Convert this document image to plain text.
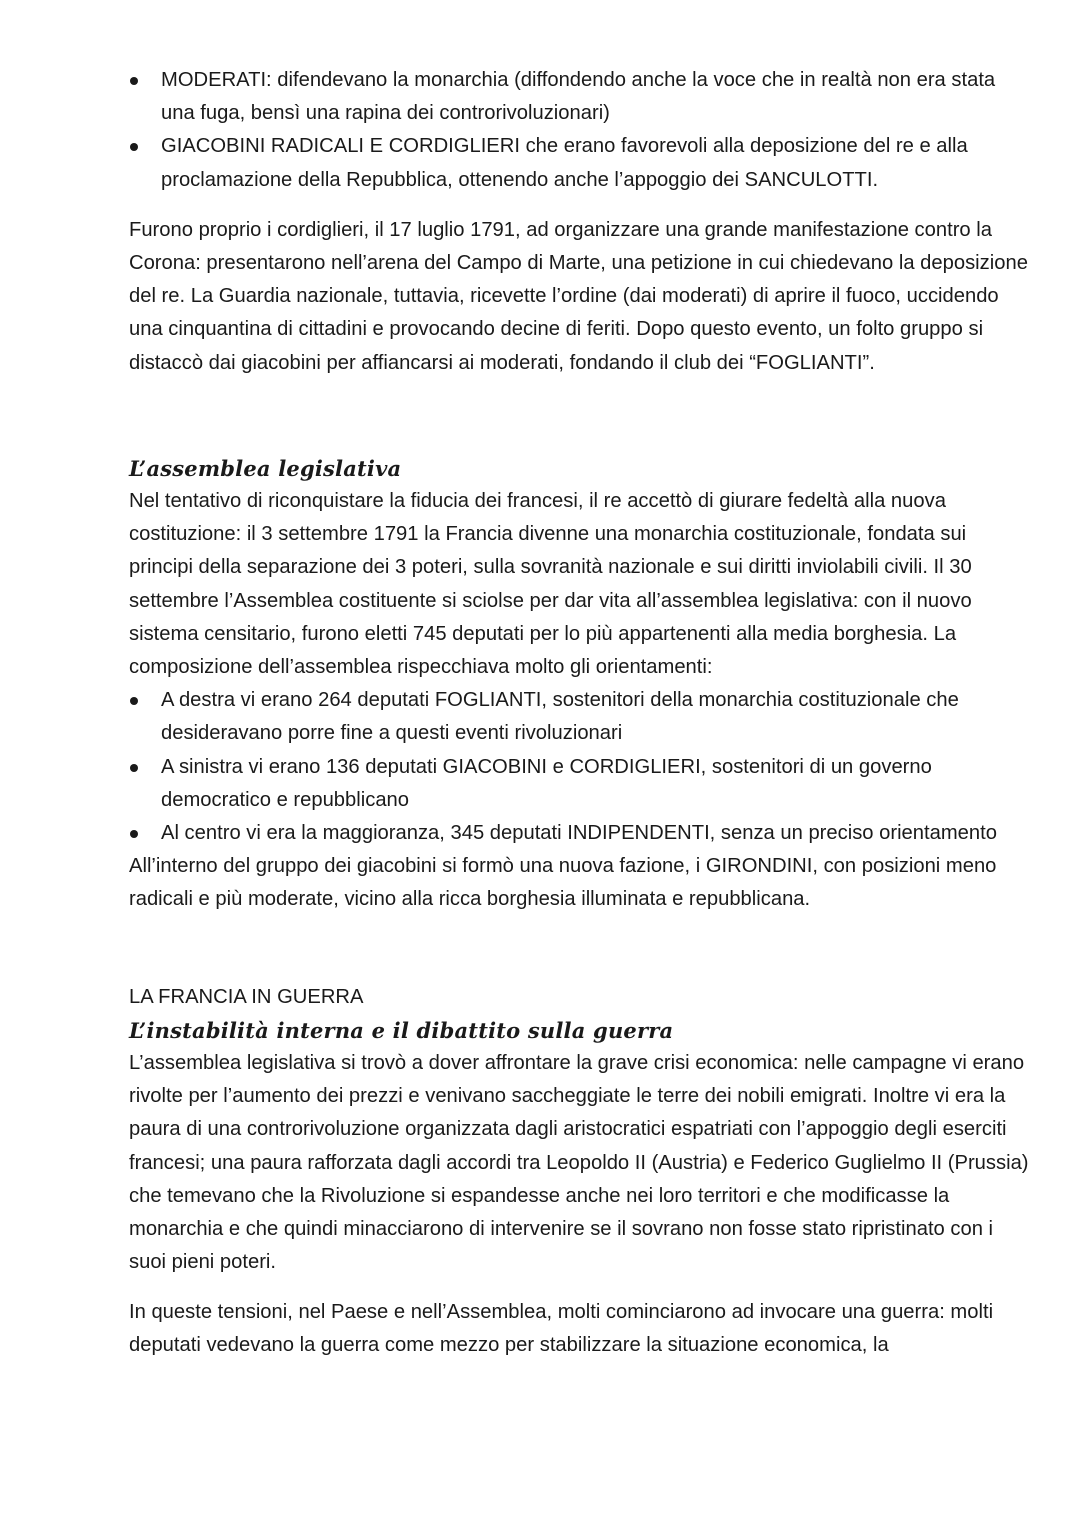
MODERATI: difendevano la monarchia (diffondendo anche la voce che in realtà non era stata una fuga, bensì una rapina dei controrivoluzionari)
GIACOBINI RADICALI E CORDIGLIERI che erano favorevoli alla deposizione del re e alla proclamazione della Repubblica, ottenendo anche l’appoggio dei SANCULOTTI.

Furono proprio i cordiglieri, il 17 luglio 1791, ad organizzare una grande manifestazione contro la Corona: presentarono nell’arena del Campo di Marte, una petizione in cui chiedevano la deposizione del re. La Guardia nazionale, tuttavia, ricevette l’ordine (dai moderati) di aprire il fuoco, uccidendo una cinquantina di cittadini e provocando decine di feriti. Dopo questo evento, un folto gruppo si distaccò dai giacobini per affiancarsi ai moderati, fondando il club dei “FOGLIANTI”.

L’assemblea legislativa

Nel tentativo di riconquistare la fiducia dei francesi, il re accettò di giurare fedeltà alla nuova costituzione: il 3 settembre 1791 la Francia divenne una monarchia costituzionale, fondata sui principi della separazione dei 3 poteri, sulla sovranità nazionale e sui diritti inviolabili civili. Il 30 settembre l’Assemblea costituente si sciolse per dar vita all’assemblea legislativa: con il nuovo sistema censitario, furono eletti 745 deputati per lo più appartenenti alla media borghesia. La composizione dell’assemblea rispecchiava molto gli orientamenti:

A destra vi erano 264 deputati FOGLIANTI, sostenitori della monarchia costituzionale che desideravano porre fine a questi eventi rivoluzionari
A sinistra vi erano 136 deputati GIACOBINI e CORDIGLIERI, sostenitori di un governo democratico e repubblicano
Al centro vi era la maggioranza, 345 deputati INDIPENDENTI, senza un preciso orientamento

All’interno del gruppo dei giacobini si formò una nuova fazione, i GIRONDINI, con posizioni meno radicali e più moderate, vicino alla ricca borghesia illuminata e repubblicana.

LA FRANCIA IN GUERRA

L’instabilità interna e il dibattito sulla guerra

L’assemblea legislativa si trovò a dover affrontare la grave crisi economica: nelle campagne vi erano rivolte per l’aumento dei prezzi e venivano saccheggiate le terre dei nobili emigrati. Inoltre vi era la paura di una controrivoluzione organizzata dagli aristocratici espatriati con l’appoggio degli eserciti francesi; una paura rafforzata dagli accordi tra Leopoldo II (Austria) e Federico Guglielmo II (Prussia) che temevano che la Rivoluzione si espandesse anche nei loro territori e che modificasse la monarchia e che quindi minacciarono di intervenire se il sovrano non fosse stato ripristinato con i suoi pieni poteri.

In queste tensioni, nel Paese e nell’Assemblea, molti cominciarono ad invocare una guerra: molti deputati vedevano la guerra come mezzo per stabilizzare la situazione economica, la
